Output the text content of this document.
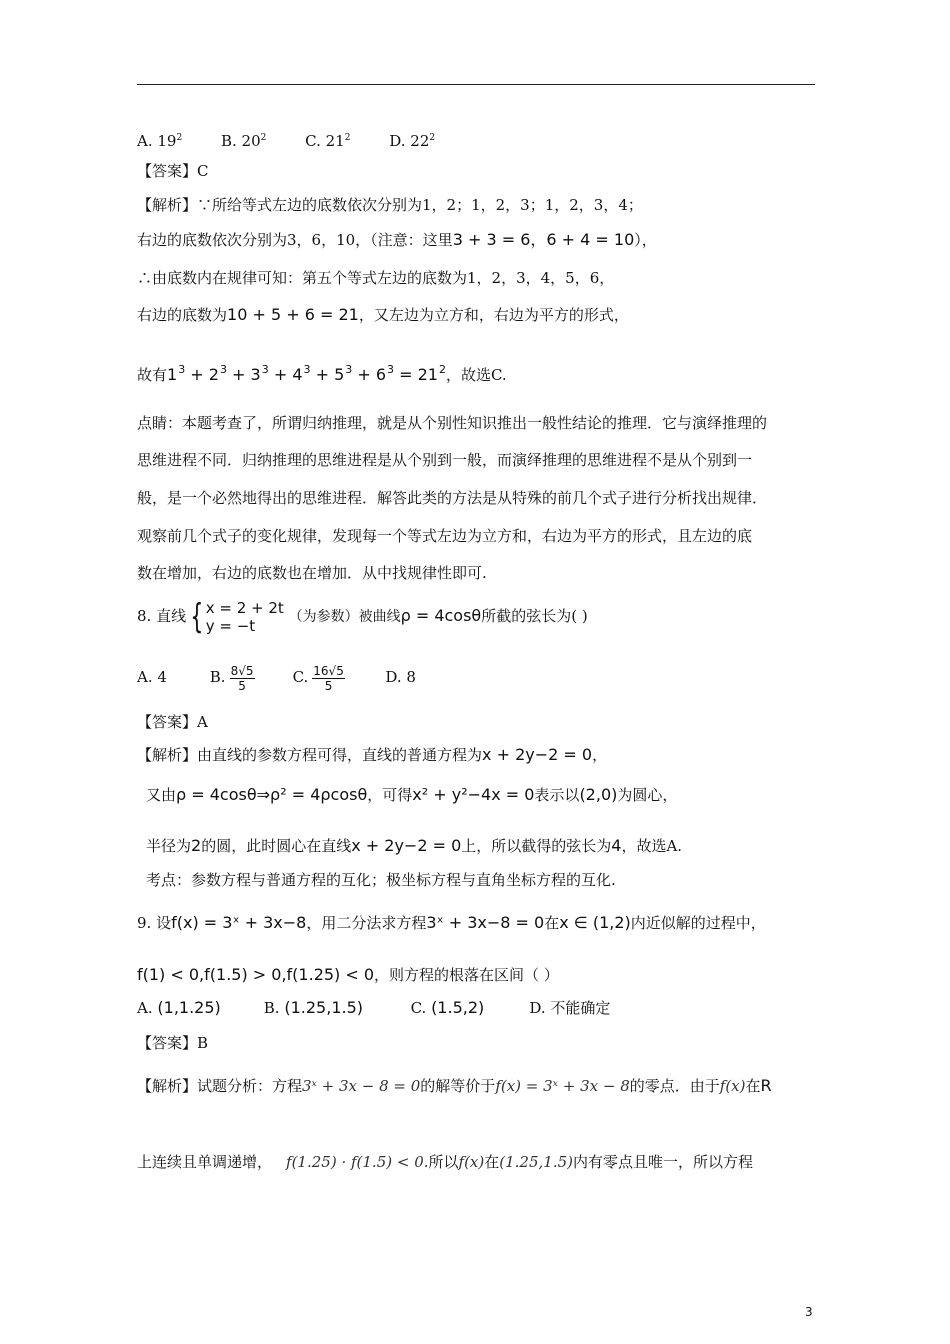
A. $19^2$	B. $20^2$	C. $21^2$	D. $22^2$
【答案】C
【解析】∵所给等式左边的底数依次分别为1，2；1，2，3；1，2，3，4；
右边的底数依次分别为3，6，10，（注意：这里3 + 3 = 6，6 + 4 = 10），
∴由底数内在规律可知：第五个等式左边的底数为1，2，3，4，5，6，
右边的底数为10 + 5 + 6 = 21，又左边为立方和，右边为平方的形式，
故有$1^3 + 2^3 + 3^3 + 4^3 + 5^3 + 6^3 = 21^2$，故选C.
点睛：本题考查了，所谓归纳推理，就是从个别性知识推出一般性结论的推理．它与演绎推理的
思维进程不同．归纳推理的思维进程是从个别到一般，而演绎推理的思维进程不是从个别到一
般，是一个必然地得出的思维进程．解答此类的方法是从特殊的前几个式子进行分析找出规律．
观察前几个式子的变化规律，发现每一个等式左边为立方和，右边为平方的形式，且左边的底
数在增加，右边的底数也在增加．从中找规律性即可.
8. 直线 { x = 2 + 2t
y = −t	（为参数）被曲线ρ = 4cosθ所截的弦长为( )
A. 4	B. $\frac{8√5}{5}$	C. $\frac{16√5}{5}$	D. 8
【答案】A
【解析】由直线的参数方程可得，直线的普通方程为x + 2y−2 = 0，
又由ρ = 4cosθ⇒ρ² = 4ρcosθ，可得x² + y²−4x = 0表示以(2,0)为圆心，
半径为2的圆，此时圆心在直线x + 2y−2 = 0上，所以截得的弦长为4，故选A.
考点：参数方程与普通方程的互化；极坐标方程与直角坐标方程的互化.
9. 设f(x) = 3ˣ + 3x−8，用二分法求方程3ˣ + 3x−8 = 0在x ∈ (1,2)内近似解的过程中，
f(1) < 0,f(1.5) > 0,f(1.25) < 0，则方程的根落在区间（ ）
A. (1,1.25)	B. (1.25,1.5)	C. (1.5,2)	D. 不能确定
【答案】B
【解析】试题分析：方程3ˣ + 3x − 8 = 0的解等价于f(x) = 3ˣ + 3x − 8的零点．由于f(x)在R
上连续且单调递增， f(1.25) · f(1.5) < 0.所以f(x)在(1.25,1.5)内有零点且唯一，所以方程
3
